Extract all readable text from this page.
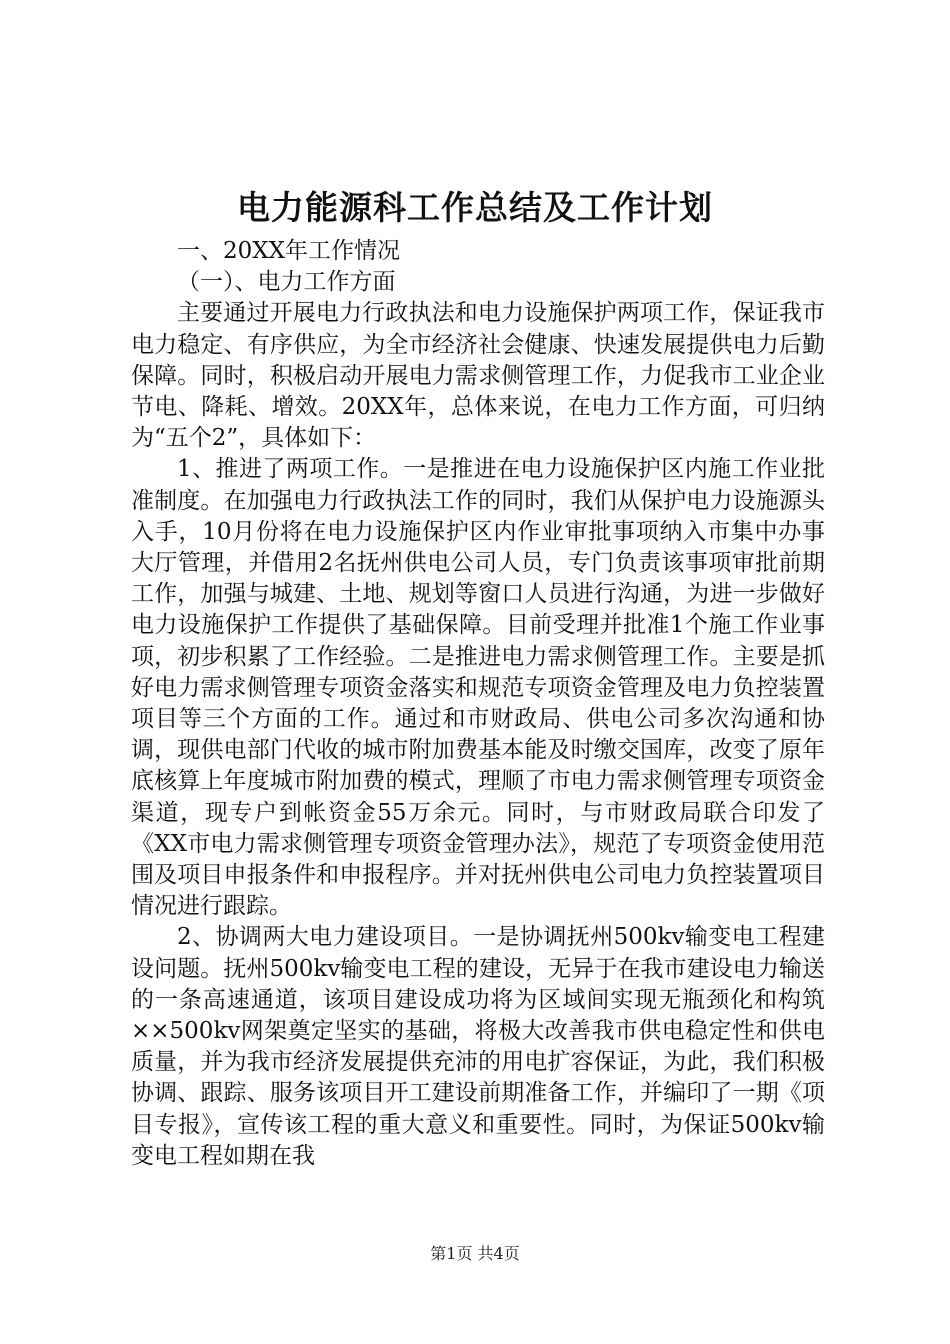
电力能源科工作总结及工作计划

一、20XX年工作情况

（一）、电力工作方面

主要通过开展电力行政执法和电力设施保护两项工作，保证我市电力稳定、有序供应，为全市经济社会健康、快速发展提供电力后勤保障。同时，积极启动开展电力需求侧管理工作，力促我市工业企业节电、降耗、增效。20XX年，总体来说，在电力工作方面，可归纳为“五个2”，具体如下：

1、推进了两项工作。一是推进在电力设施保护区内施工作业批准制度。在加强电力行政执法工作的同时，我们从保护电力设施源头入手，10月份将在电力设施保护区内作业审批事项纳入市集中办事大厅管理，并借用2名抚州供电公司人员，专门负责该事项审批前期工作，加强与城建、土地、规划等窗口人员进行沟通，为进一步做好电力设施保护工作提供了基础保障。目前受理并批准1个施工作业事项，初步积累了工作经验。二是推进电力需求侧管理工作。主要是抓好电力需求侧管理专项资金落实和规范专项资金管理及电力负控装置项目等三个方面的工作。通过和市财政局、供电公司多次沟通和协调，现供电部门代收的城市附加费基本能及时缴交国库，改变了原年底核算上年度城市附加费的模式，理顺了市电力需求侧管理专项资金渠道，现专户到帐资金55万余元。同时，与市财政局联合印发了《XX市电力需求侧管理专项资金管理办法》，规范了专项资金使用范围及项目申报条件和申报程序。并对抚州供电公司电力负控装置项目情况进行跟踪。

2、协调两大电力建设项目。一是协调抚州500kv输变电工程建设问题。抚州500kv输变电工程的建设，无异于在我市建设电力输送的一条高速通道，该项目建设成功将为区域间实现无瓶颈化和构筑××500kv网架奠定坚实的基础，将极大改善我市供电稳定性和供电质量，并为我市经济发展提供充沛的用电扩容保证，为此，我们积极协调、跟踪、服务该项目开工建设前期准备工作，并编印了一期《项目专报》，宣传该工程的重大意义和重要性。同时，为保证500kv输变电工程如期在我

第1页 共4页
